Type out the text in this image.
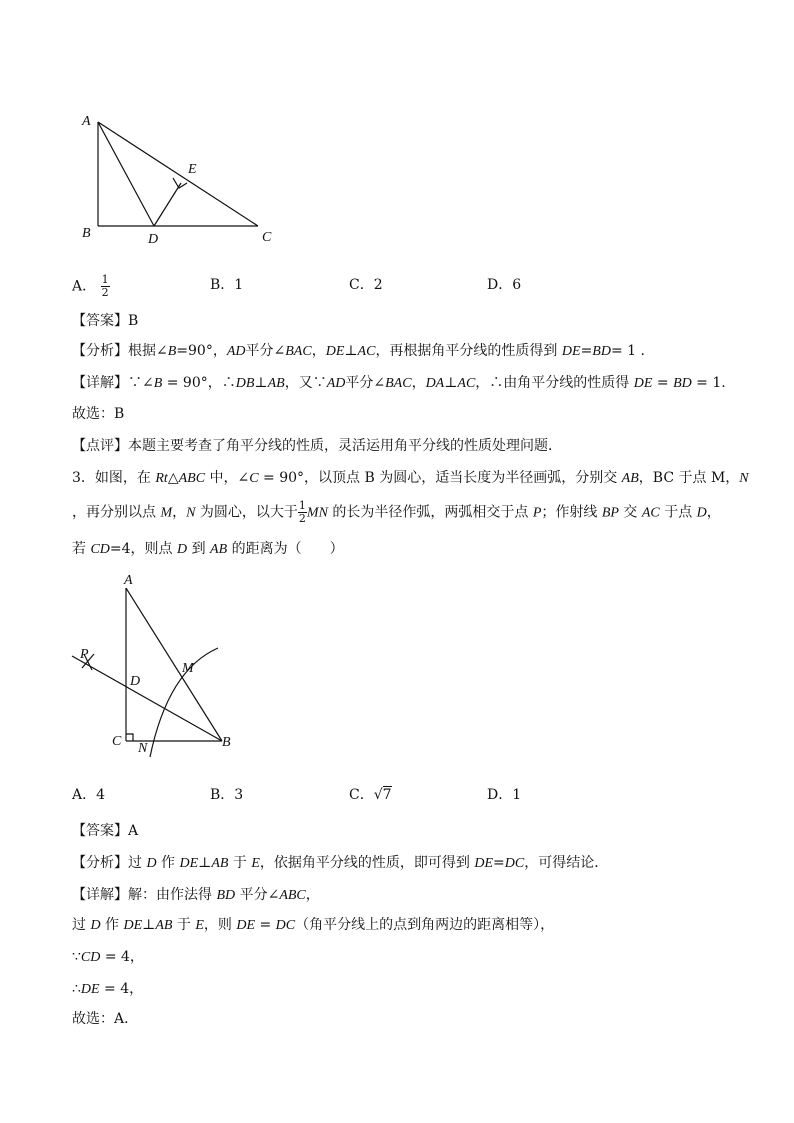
A
B	C
D
E
A． $\frac{1}{2}$	B．1	C．2	D．6
【答案】B
【分析】根据∠B=90°，AD平分∠BAC，DE⊥AC，再根据角平分线的性质得到 DE=BD= 1 .
【详解】∵∠B = 90°，∴DB⊥AB，又∵AD平分∠BAC，DA⊥AC，∴由角平分线的性质得 DE = BD = 1.
故选：B
【点评】本题主要考查了角平分线的性质，灵活运用角平分线的性质处理问题．
3．如图，在 Rt△ABC 中，∠C = 90°，以顶点 B 为圆心，适当长度为半径画弧，分别交 AB，BC 于点 M，N
，再分别以点 M，N 为圆心，以大于 $\frac{1}{2}$ MN 的长为半径作弧，两弧相交于点 P；作射线 BP 交 AC 于点 D，
若 CD=4，则点 D 到 AB 的距离为（　　）
A
B
C
D
M
N
P
A．4	B．3	C．√7	D．1
【答案】A
【分析】过 D 作 DE⊥AB 于 E，依据角平分线的性质，即可得到 DE=DC，可得结论．
【详解】解：由作法得 BD 平分∠ABC，
过 D 作 DE⊥AB 于 E，则 DE = DC（角平分线上的点到角两边的距离相等），
∵CD = 4，
∴DE = 4，
故选：A．
